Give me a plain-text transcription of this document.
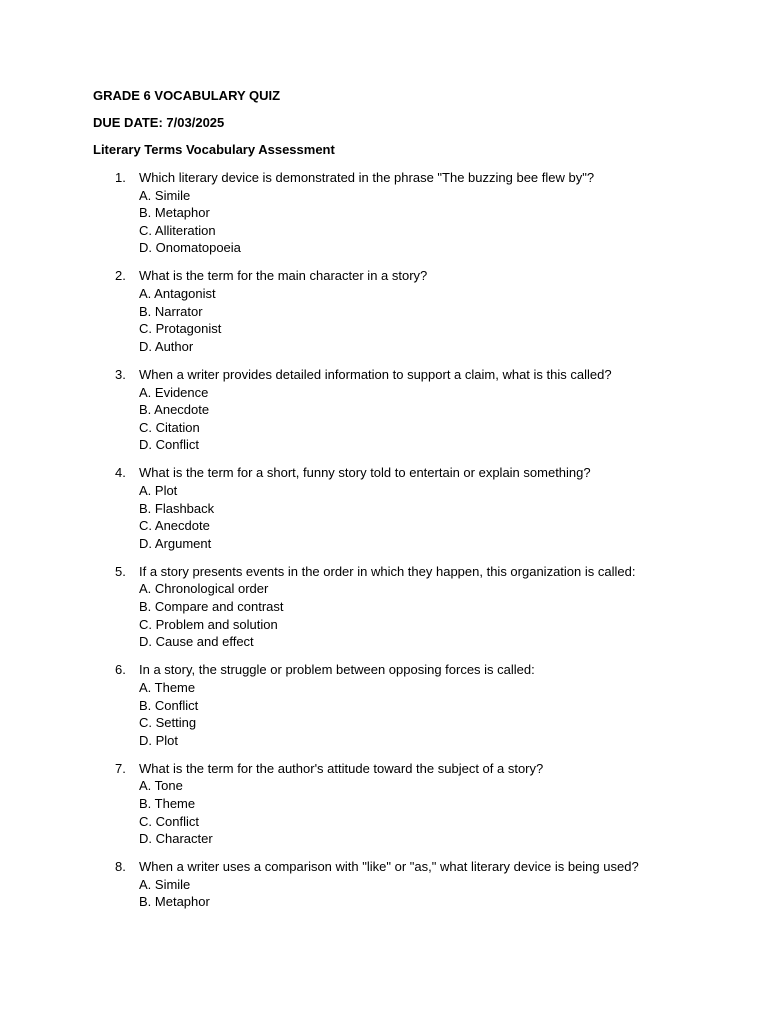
GRADE 6 VOCABULARY QUIZ
DUE DATE: 7/03/2025
Literary Terms Vocabulary Assessment
1. Which literary device is demonstrated in the phrase "The buzzing bee flew by"?
A. Simile
B. Metaphor
C. Alliteration
D. Onomatopoeia
2. What is the term for the main character in a story?
A. Antagonist
B. Narrator
C. Protagonist
D. Author
3. When a writer provides detailed information to support a claim, what is this called?
A. Evidence
B. Anecdote
C. Citation
D. Conflict
4. What is the term for a short, funny story told to entertain or explain something?
A. Plot
B. Flashback
C. Anecdote
D. Argument
5. If a story presents events in the order in which they happen, this organization is called:
A. Chronological order
B. Compare and contrast
C. Problem and solution
D. Cause and effect
6. In a story, the struggle or problem between opposing forces is called:
A. Theme
B. Conflict
C. Setting
D. Plot
7. What is the term for the author's attitude toward the subject of a story?
A. Tone
B. Theme
C. Conflict
D. Character
8. When a writer uses a comparison with "like" or "as," what literary device is being used?
A. Simile
B. Metaphor
